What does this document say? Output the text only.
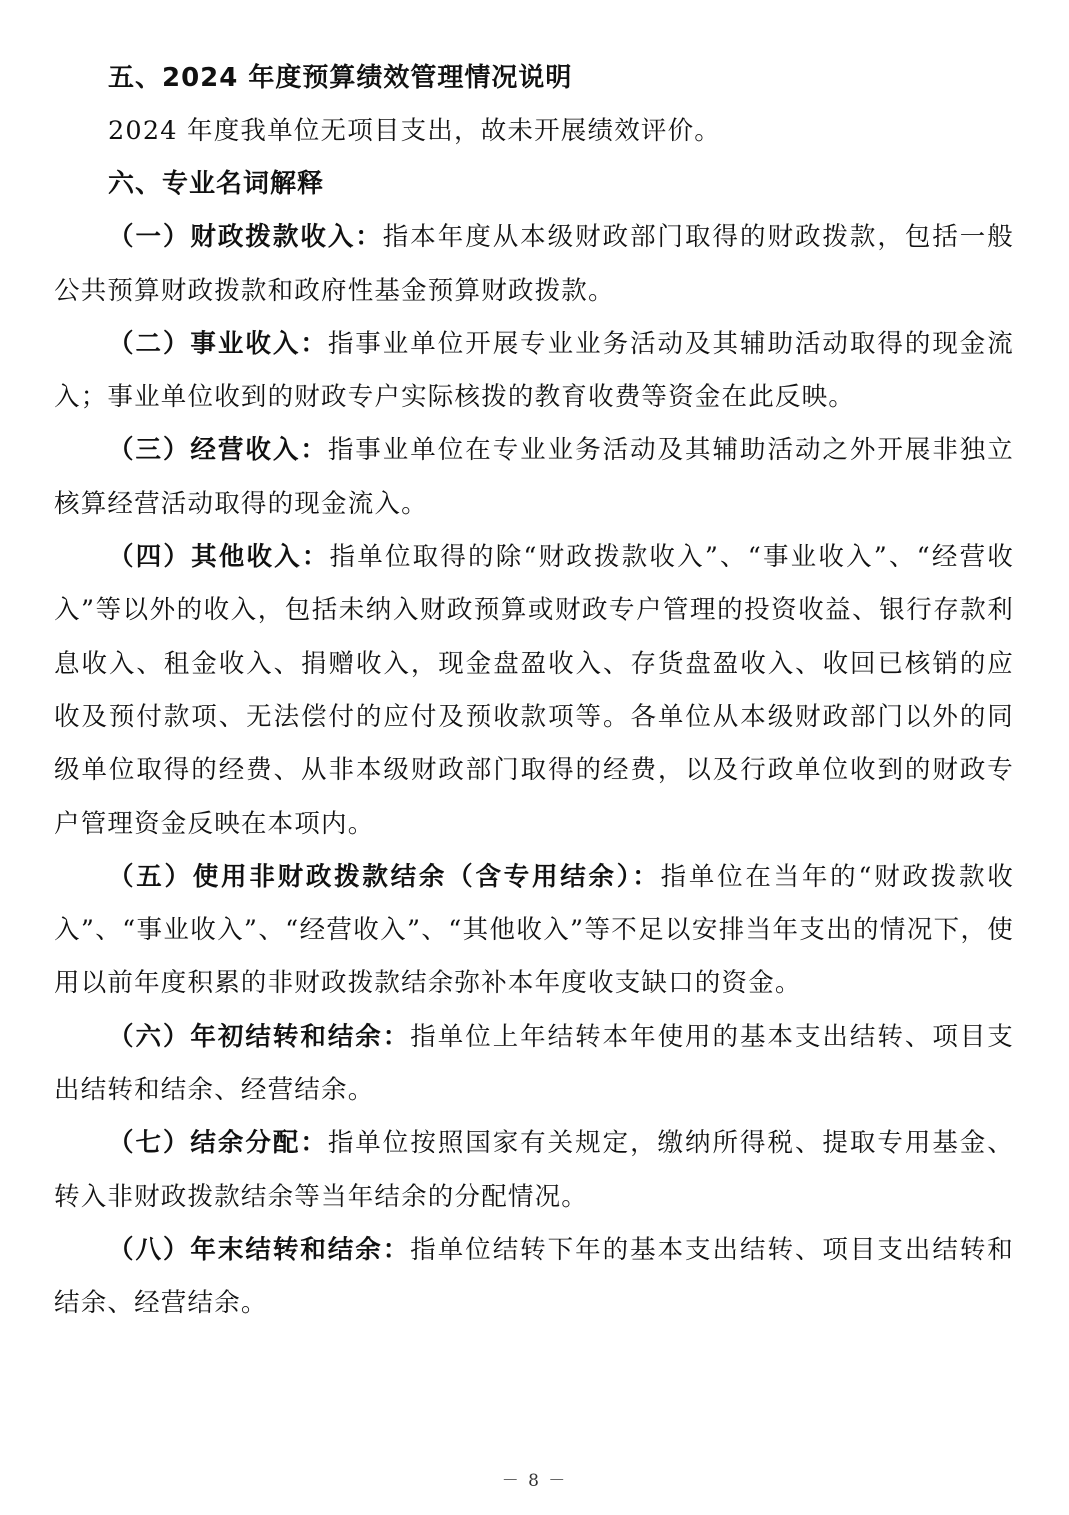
五、2024 年度预算绩效管理情况说明

2024 年度我单位无项目支出，故未开展绩效评价。

六、专业名词解释

（一）财政拨款收入：指本年度从本级财政部门取得的财政拨款，包括一般公共预算财政拨款和政府性基金预算财政拨款。

（二）事业收入：指事业单位开展专业业务活动及其辅助活动取得的现金流入；事业单位收到的财政专户实际核拨的教育收费等资金在此反映。

（三）经营收入：指事业单位在专业业务活动及其辅助活动之外开展非独立核算经营活动取得的现金流入。

（四）其他收入：指单位取得的除“财政拨款收入”、“事业收入”、“经营收入”等以外的收入，包括未纳入财政预算或财政专户管理的投资收益、银行存款利息收入、租金收入、捐赠收入，现金盘盈收入、存货盘盈收入、收回已核销的应收及预付款项、无法偿付的应付及预收款项等。各单位从本级财政部门以外的同级单位取得的经费、从非本级财政部门取得的经费，以及行政单位收到的财政专户管理资金反映在本项内。

（五）使用非财政拨款结余（含专用结余）：指单位在当年的“财政拨款收入”、“事业收入”、“经营收入”、“其他收入”等不足以安排当年支出的情况下，使用以前年度积累的非财政拨款结余弥补本年度收支缺口的资金。

（六）年初结转和结余：指单位上年结转本年使用的基本支出结转、项目支出结转和结余、经营结余。

（七）结余分配：指单位按照国家有关规定，缴纳所得税、提取专用基金、转入非财政拨款结余等当年结余的分配情况。

（八）年末结转和结余：指单位结转下年的基本支出结转、项目支出结转和结余、经营结余。

－ 8 －
